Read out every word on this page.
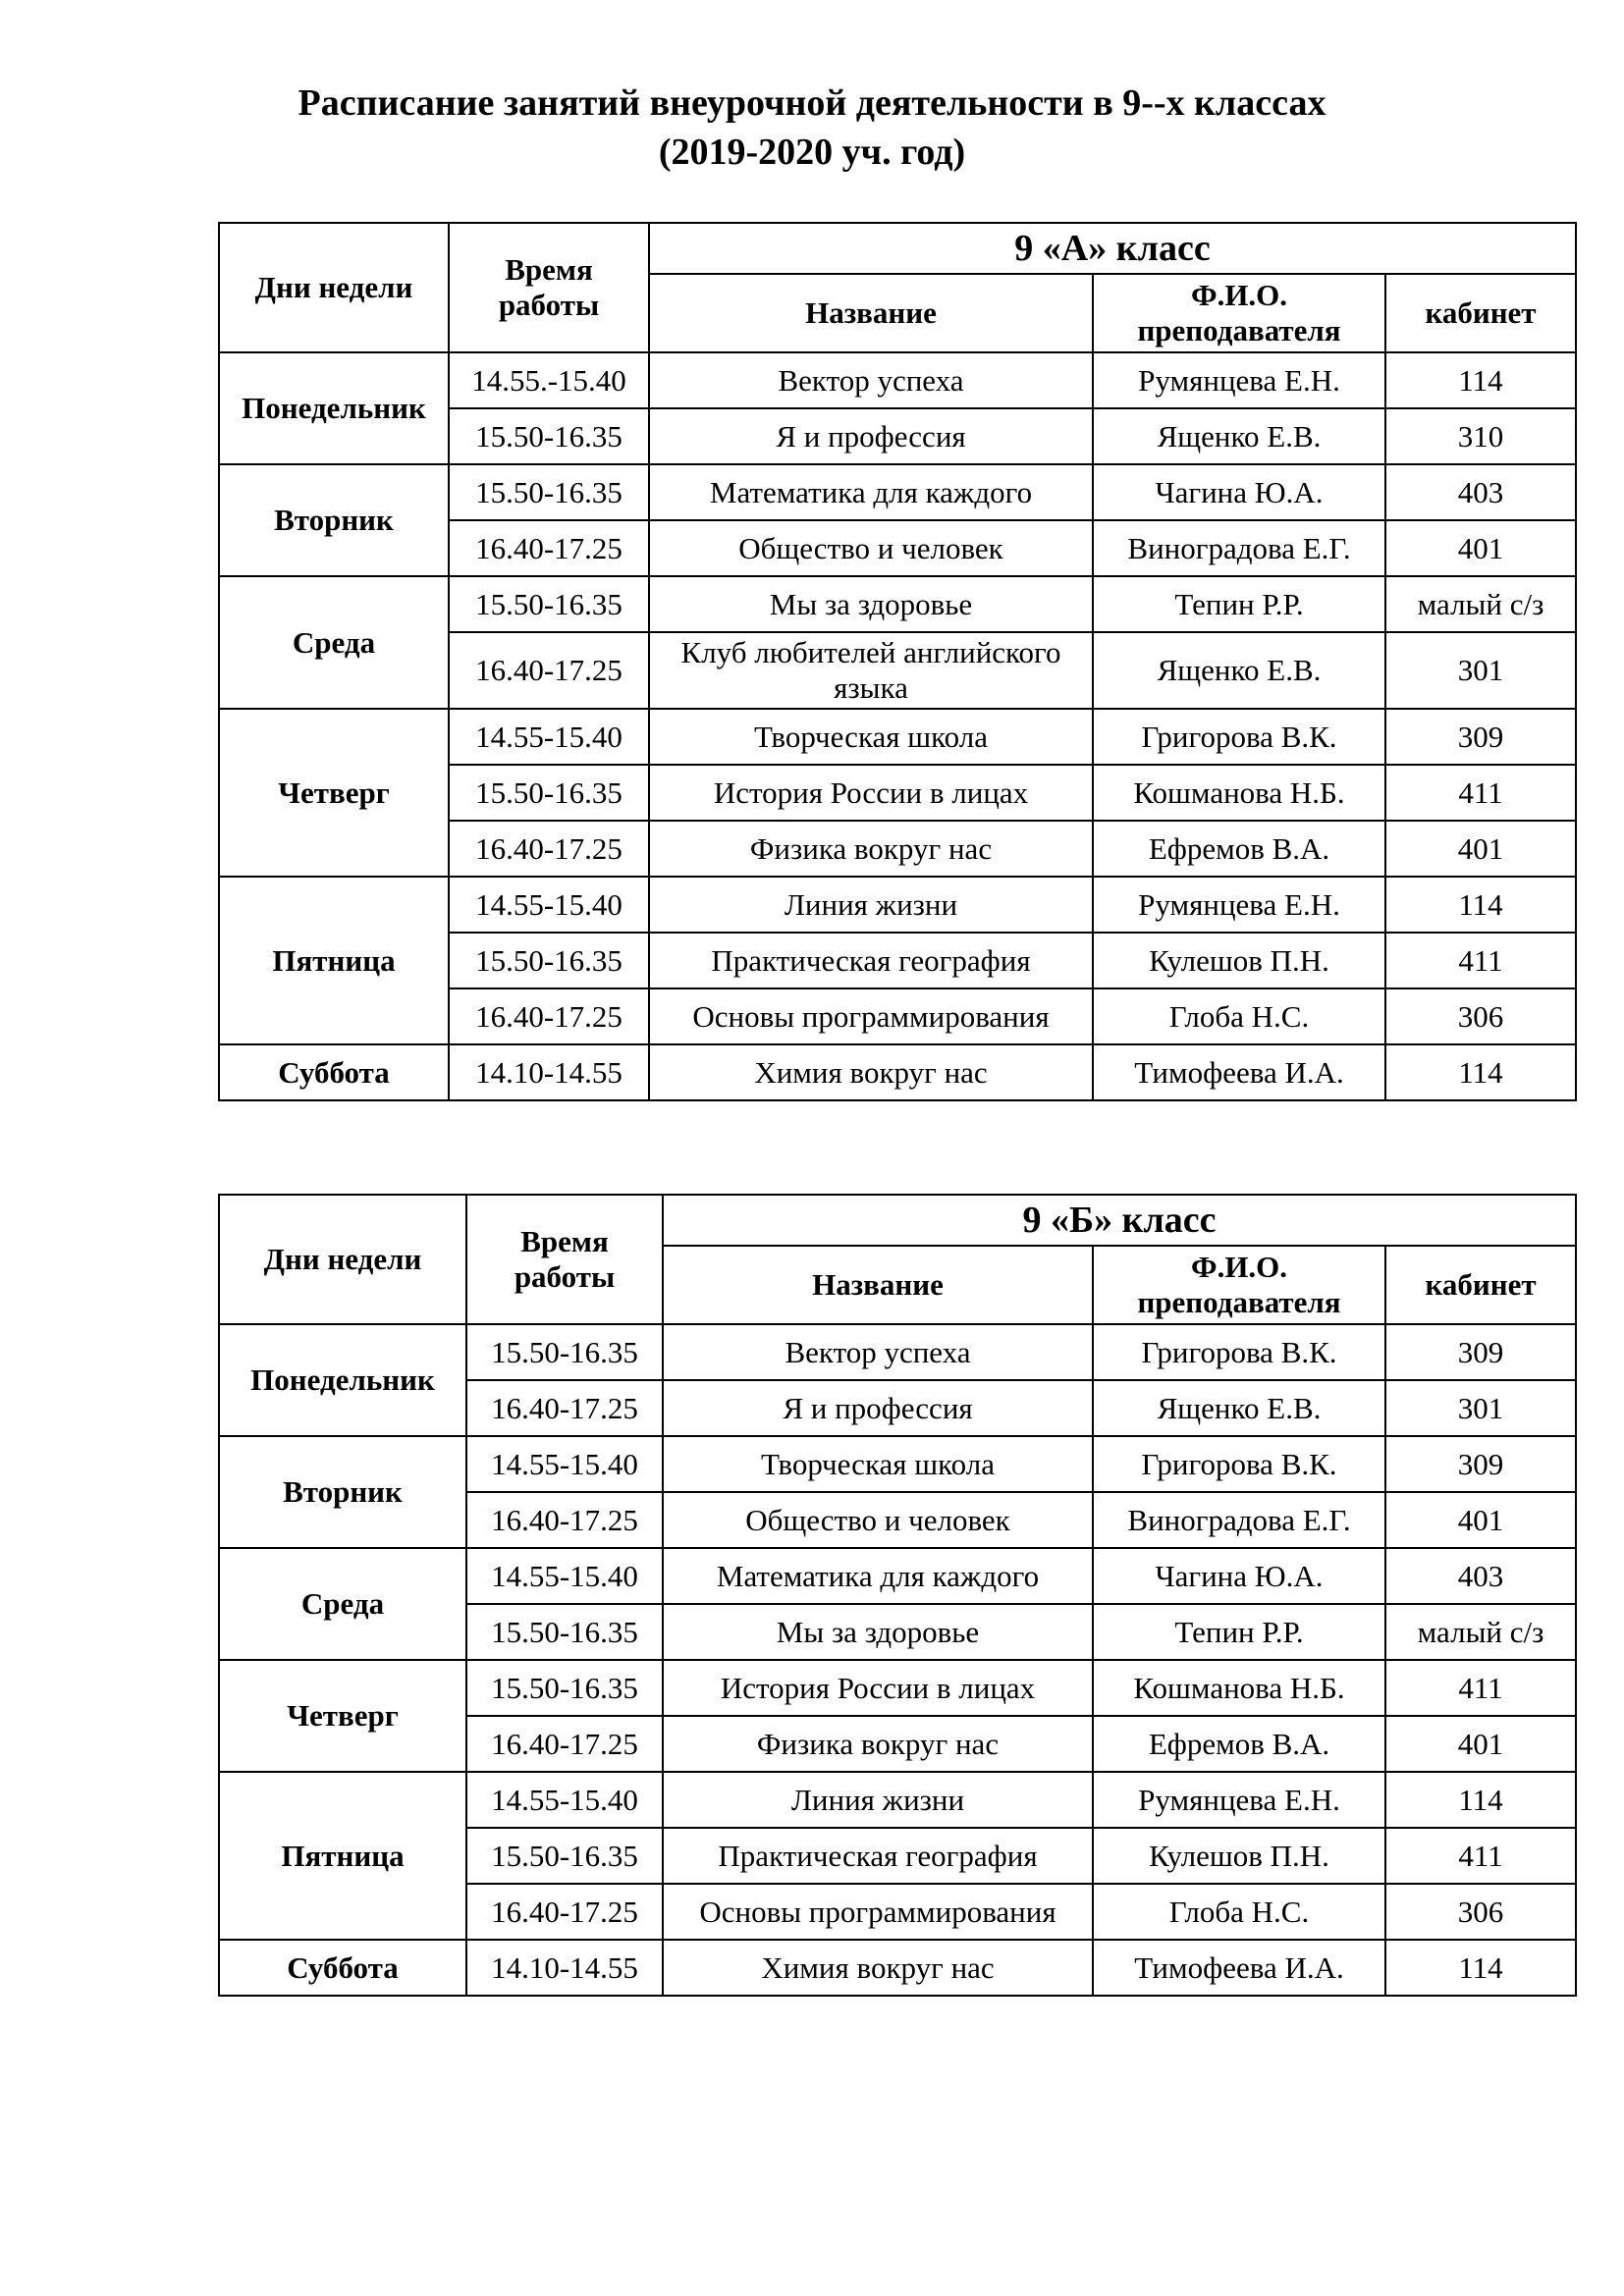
Расписание занятий внеурочной деятельности в 9--х классах
(2019-2020 уч. год)
Дни недели	Время работы	9 «А» класс		
		Название	Ф.И.О. преподавателя	кабинет
Понедельник	14.55.-15.40	Вектор успеха	Румянцева Е.Н.	114
	15.50-16.35	Я и профессия	Ященко Е.В.	310
Вторник	15.50-16.35	Математика для каждого	Чагина Ю.А.	403
	16.40-17.25	Общество и человек	Виноградова Е.Г.	401
Среда	15.50-16.35	Мы за здоровье	Тепин Р.Р.	малый с/з
	16.40-17.25	Клуб любителей английского языка	Ященко Е.В.	301
Четверг	14.55-15.40	Творческая школа	Григорова В.К.	309
	15.50-16.35	История России в лицах	Кошманова Н.Б.	411
	16.40-17.25	Физика вокруг нас	Ефремов В.А.	401
Пятница	14.55-15.40	Линия жизни	Румянцева Е.Н.	114
	15.50-16.35	Практическая география	Кулешов П.Н.	411
	16.40-17.25	Основы программирования	Глоба Н.С.	306
Суббота	14.10-14.55	Химия вокруг нас	Тимофеева И.А.	114
Дни недели	Время работы	9 «Б» класс		
		Название	Ф.И.О. преподавателя	кабинет
Понедельник	15.50-16.35	Вектор успеха	Григорова В.К.	309
	16.40-17.25	Я и профессия	Ященко Е.В.	301
Вторник	14.55-15.40	Творческая школа	Григорова В.К.	309
	16.40-17.25	Общество и человек	Виноградова Е.Г.	401
Среда	14.55-15.40	Математика для каждого	Чагина Ю.А.	403
	15.50-16.35	Мы за здоровье	Тепин Р.Р.	малый с/з
Четверг	15.50-16.35	История России в лицах	Кошманова Н.Б.	411
	16.40-17.25	Физика вокруг нас	Ефремов В.А.	401
Пятница	14.55-15.40	Линия жизни	Румянцева Е.Н.	114
	15.50-16.35	Практическая география	Кулешов П.Н.	411
	16.40-17.25	Основы программирования	Глоба Н.С.	306
Суббота	14.10-14.55	Химия вокруг нас	Тимофеева И.А.	114
